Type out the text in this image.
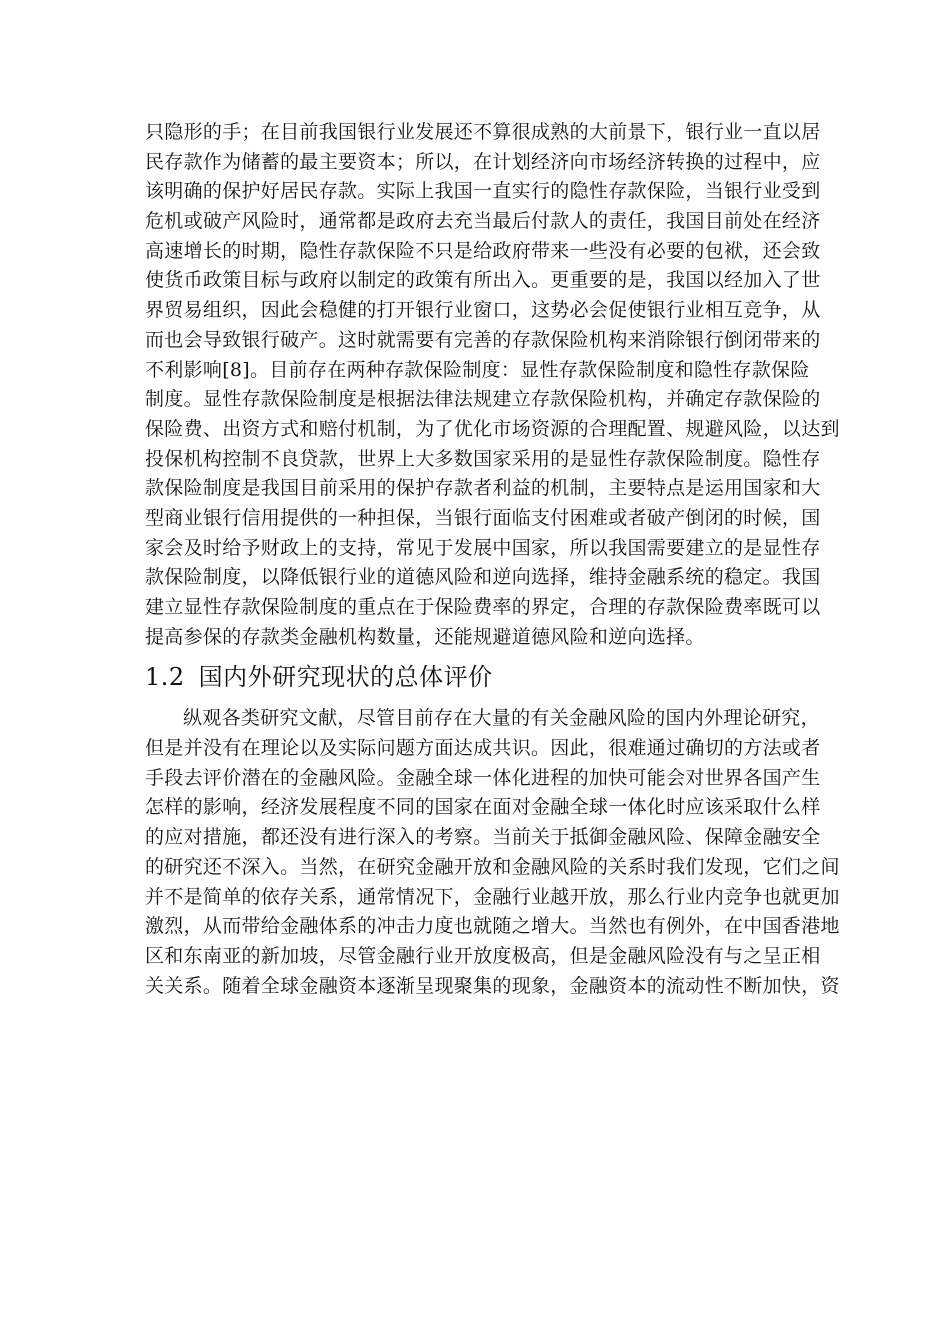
只隐形的手；在目前我国银行业发展还不算很成熟的大前景下，银行业一直以居
民存款作为储蓄的最主要资本；所以，在计划经济向市场经济转换的过程中，应
该明确的保护好居民存款。实际上我国一直实行的隐性存款保险，当银行业受到
危机或破产风险时，通常都是政府去充当最后付款人的责任，我国目前处在经济
高速增长的时期，隐性存款保险不只是给政府带来一些没有必要的包袱，还会致
使货币政策目标与政府以制定的政策有所出入。更重要的是，我国以经加入了世
界贸易组织，因此会稳健的打开银行业窗口，这势必会促使银行业相互竞争，从
而也会导致银行破产。这时就需要有完善的存款保险机构来消除银行倒闭带来的
不利影响[8]。目前存在两种存款保险制度：显性存款保险制度和隐性存款保险
制度。显性存款保险制度是根据法律法规建立存款保险机构，并确定存款保险的
保险费、出资方式和赔付机制，为了优化市场资源的合理配置、规避风险，以达到
投保机构控制不良贷款，世界上大多数国家采用的是显性存款保险制度。隐性存
款保险制度是我国目前采用的保护存款者利益的机制，主要特点是运用国家和大
型商业银行信用提供的一种担保，当银行面临支付困难或者破产倒闭的时候，国
家会及时给予财政上的支持，常见于发展中国家，所以我国需要建立的是显性存
款保险制度，以降低银行业的道德风险和逆向选择，维持金融系统的稳定。我国
建立显性存款保险制度的重点在于保险费率的界定，合理的存款保险费率既可以
提高参保的存款类金融机构数量，还能规避道德风险和逆向选择。
1.2 国内外研究现状的总体评价
纵观各类研究文献，尽管目前存在大量的有关金融风险的国内外理论研究，
但是并没有在理论以及实际问题方面达成共识。因此，很难通过确切的方法或者
手段去评价潜在的金融风险。金融全球一体化进程的加快可能会对世界各国产生
怎样的影响，经济发展程度不同的国家在面对金融全球一体化时应该采取什么样
的应对措施，都还没有进行深入的考察。当前关于抵御金融风险、保障金融安全
的研究还不深入。当然，在研究金融开放和金融风险的关系时我们发现，它们之间
并不是简单的依存关系，通常情况下，金融行业越开放，那么行业内竞争也就更加
激烈，从而带给金融体系的冲击力度也就随之增大。当然也有例外，在中国香港地
区和东南亚的新加坡，尽管金融行业开放度极高，但是金融风险没有与之呈正相
关关系。随着全球金融资本逐渐呈现聚集的现象，金融资本的流动性不断加快，资
